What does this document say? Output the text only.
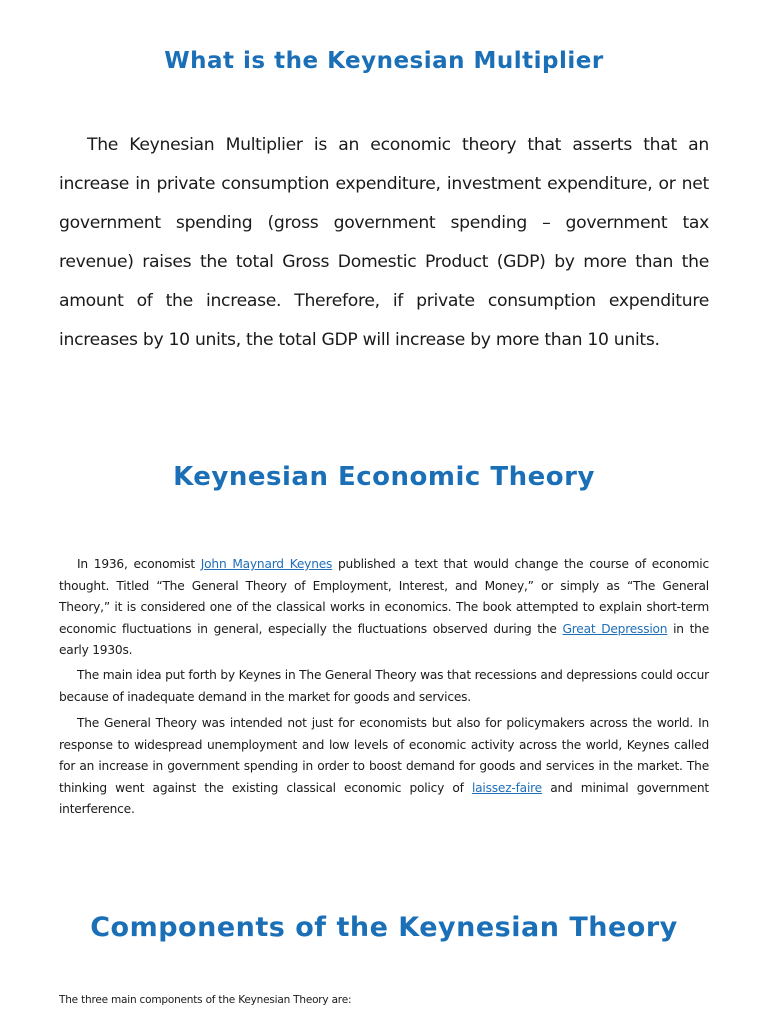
What is the Keynesian Multiplier

The Keynesian Multiplier is an economic theory that asserts that an increase in private consumption expenditure, investment expenditure, or net government spending (gross government spending – government tax revenue) raises the total Gross Domestic Product (GDP) by more than the amount of the increase. Therefore, if private consumption expenditure increases by 10 units, the total GDP will increase by more than 10 units.

Keynesian Economic Theory

In 1936, economist John Maynard Keynes published a text that would change the course of economic thought. Titled “The General Theory of Employment, Interest, and Money,” or simply as “The General Theory,” it is considered one of the classical works in economics. The book attempted to explain short-term economic fluctuations in general, especially the fluctuations observed during the Great Depression in the early 1930s.

The main idea put forth by Keynes in The General Theory was that recessions and depressions could occur because of inadequate demand in the market for goods and services.

The General Theory was intended not just for economists but also for policymakers across the world. In response to widespread unemployment and low levels of economic activity across the world, Keynes called for an increase in government spending in order to boost demand for goods and services in the market. The thinking went against the existing classical economic policy of laissez-faire and minimal government interference.

Components of the Keynesian Theory
The three main components of the Keynesian Theory are:
